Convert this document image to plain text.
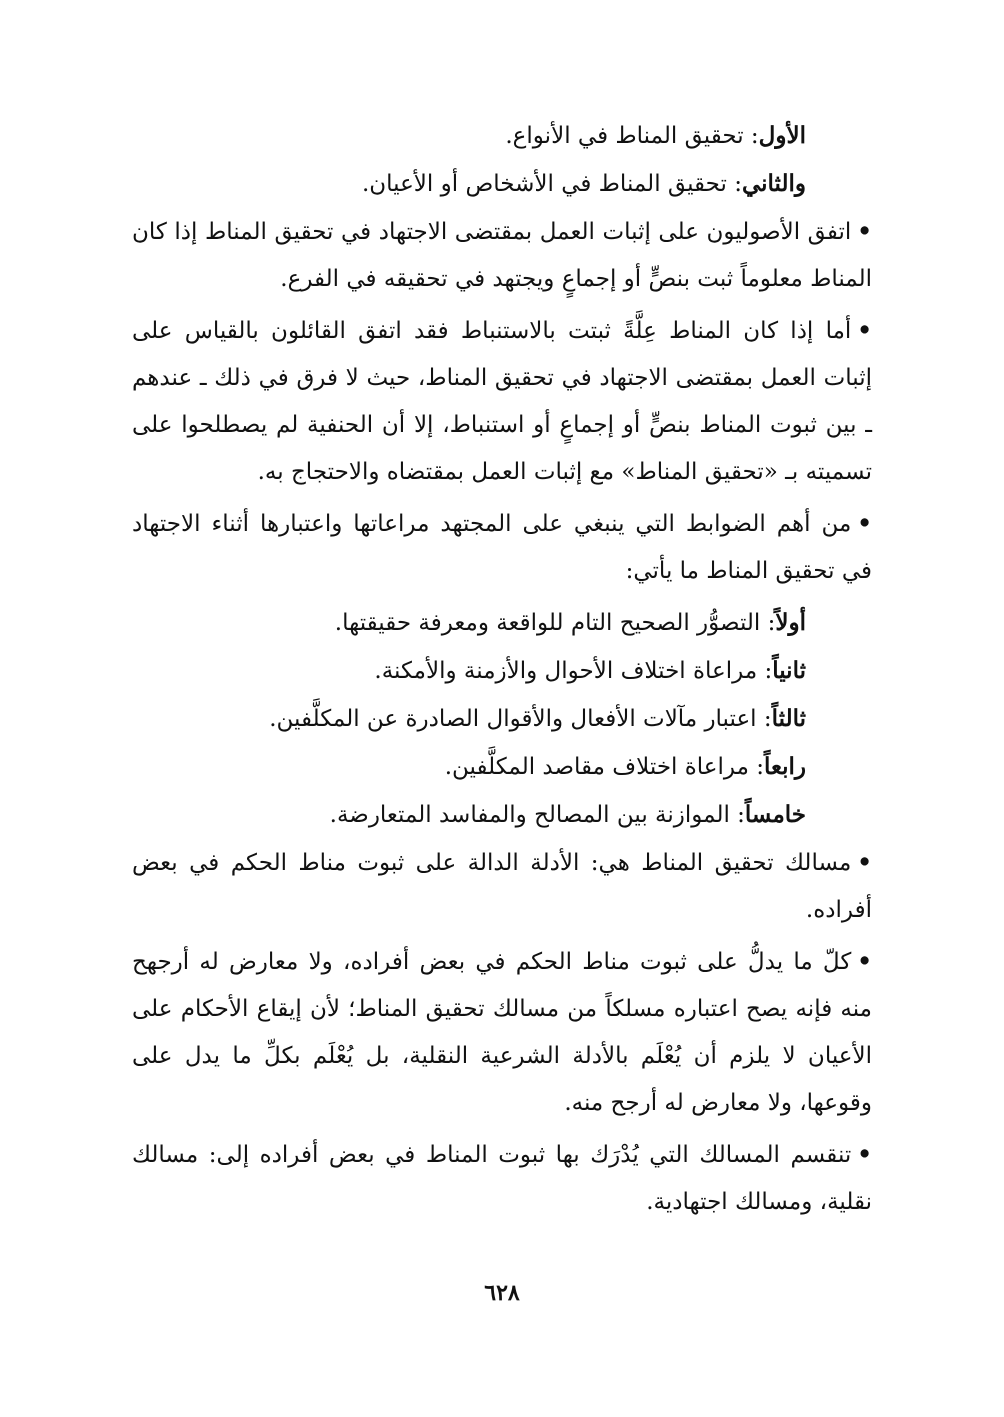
الأول: تحقيق المناط في الأنواع.

والثاني: تحقيق المناط في الأشخاص أو الأعيان.

•اتفق الأصوليون على إثبات العمل بمقتضى الاجتهاد في تحقيق المناط إذا كان المناط معلوماً ثبت بنصٍّ أو إجماعٍ ويجتهد في تحقيقه في الفرع.

•أما إذا كان المناط عِلَّةً ثبتت بالاستنباط فقد اتفق القائلون بالقياس على إثبات العمل بمقتضى الاجتهاد في تحقيق المناط، حيث لا فرق في ذلك ـ عندهم ـ بين ثبوت المناط بنصٍّ أو إجماعٍ أو استنباط، إلا أن الحنفية لم يصطلحوا على تسميته بـ «تحقيق المناط» مع إثبات العمل بمقتضاه والاحتجاج به.

•من أهم الضوابط التي ينبغي على المجتهد مراعاتها واعتبارها أثناء الاجتهاد في تحقيق المناط ما يأتي:

أولاً: التصوُّر الصحيح التام للواقعة ومعرفة حقيقتها.

ثانياً: مراعاة اختلاف الأحوال والأزمنة والأمكنة.

ثالثاً: اعتبار مآلات الأفعال والأقوال الصادرة عن المكلَّفين.

رابعاً: مراعاة اختلاف مقاصد المكلَّفين.

خامساً: الموازنة بين المصالح والمفاسد المتعارضة.

•مسالك تحقيق المناط هي: الأدلة الدالة على ثبوت مناط الحكم في بعض أفراده.

•كلّ ما يدلُّ على ثبوت مناط الحكم في بعض أفراده، ولا معارض له أرجهح منه فإنه يصح اعتباره مسلكاً من مسالك تحقيق المناط؛ لأن إيقاع الأحكام على الأعيان لا يلزم أن يُعْلَم بالأدلة الشرعية النقلية، بل يُعْلَم بكلِّ ما يدل على وقوعها، ولا معارض له أرجح منه.

•تنقسم المسالك التي يُدْرَك بها ثبوت المناط في بعض أفراده إلى: مسالك نقلية، ومسالك اجتهادية.

٦٢٨
